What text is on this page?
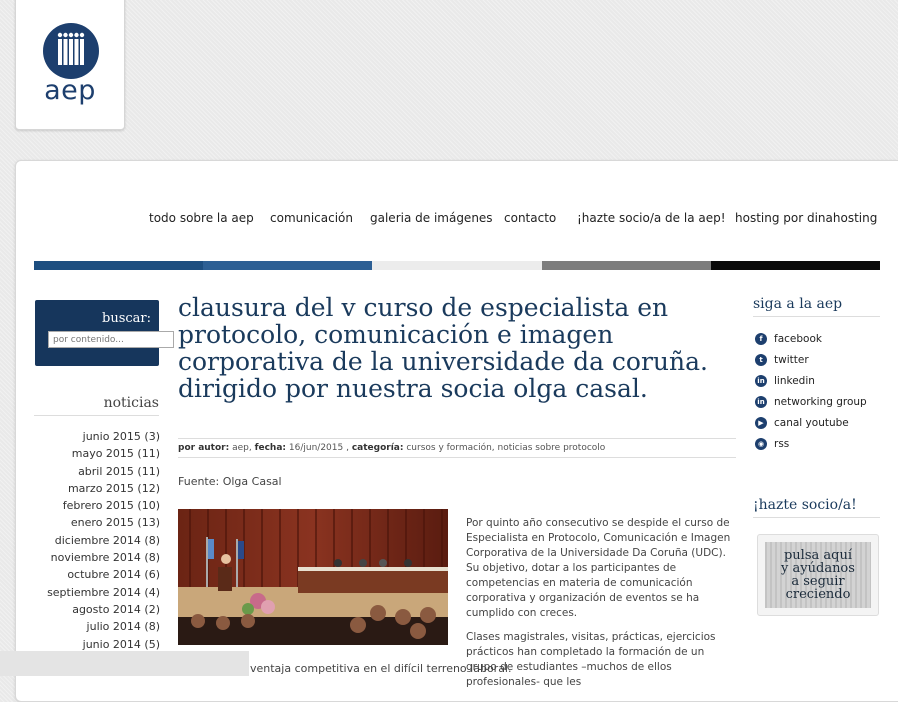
aep
todo sobre la aep comunicación galeria de imágenes contacto ¡hazte socio/a de la aep! hosting por dinahosting
buscar:
por contenido...
noticias
junio 2015 (3)
mayo 2015 (11)
abril 2015 (11)
marzo 2015 (12)
febrero 2015 (10)
enero 2015 (13)
diciembre 2014 (8)
noviembre 2014 (8)
octubre 2014 (6)
septiembre 2014 (4)
agosto 2014 (2)
julio 2014 (8)
junio 2014 (5)
clausura del v curso de especialista en protocolo, comunicación e imagen corporativa de la universidade da coruña. dirigido por nuestra socia olga casal.
por autor: aep, fecha: 16/jun/2015 , categoría: cursos y formación, noticias sobre protocolo
Fuente: Olga Casal

Por quinto año consecutivo se despide el curso de Especialista en Protocolo, Comunicación e Imagen Corporativa de la Universidade Da Coruña (UDC). Su objetivo, dotar a los participantes de competencias en materia de comunicación corporativa y organización de eventos se ha cumplido con creces.

Clases magistrales, visitas, prácticas, ejercicios prácticos han completado la formación de un grupo de estudiantes –muchos de ellos profesionales- que les

ventaja competitiva en el difícil terreno laboral.
siga a la aep
f	facebook
t	twitter
in linkedin
in networking group
▶ canal youtube
◉ rss
¡hazte socio/a!
pulsa aquí
y ayúdanos
a seguir
creciendo
